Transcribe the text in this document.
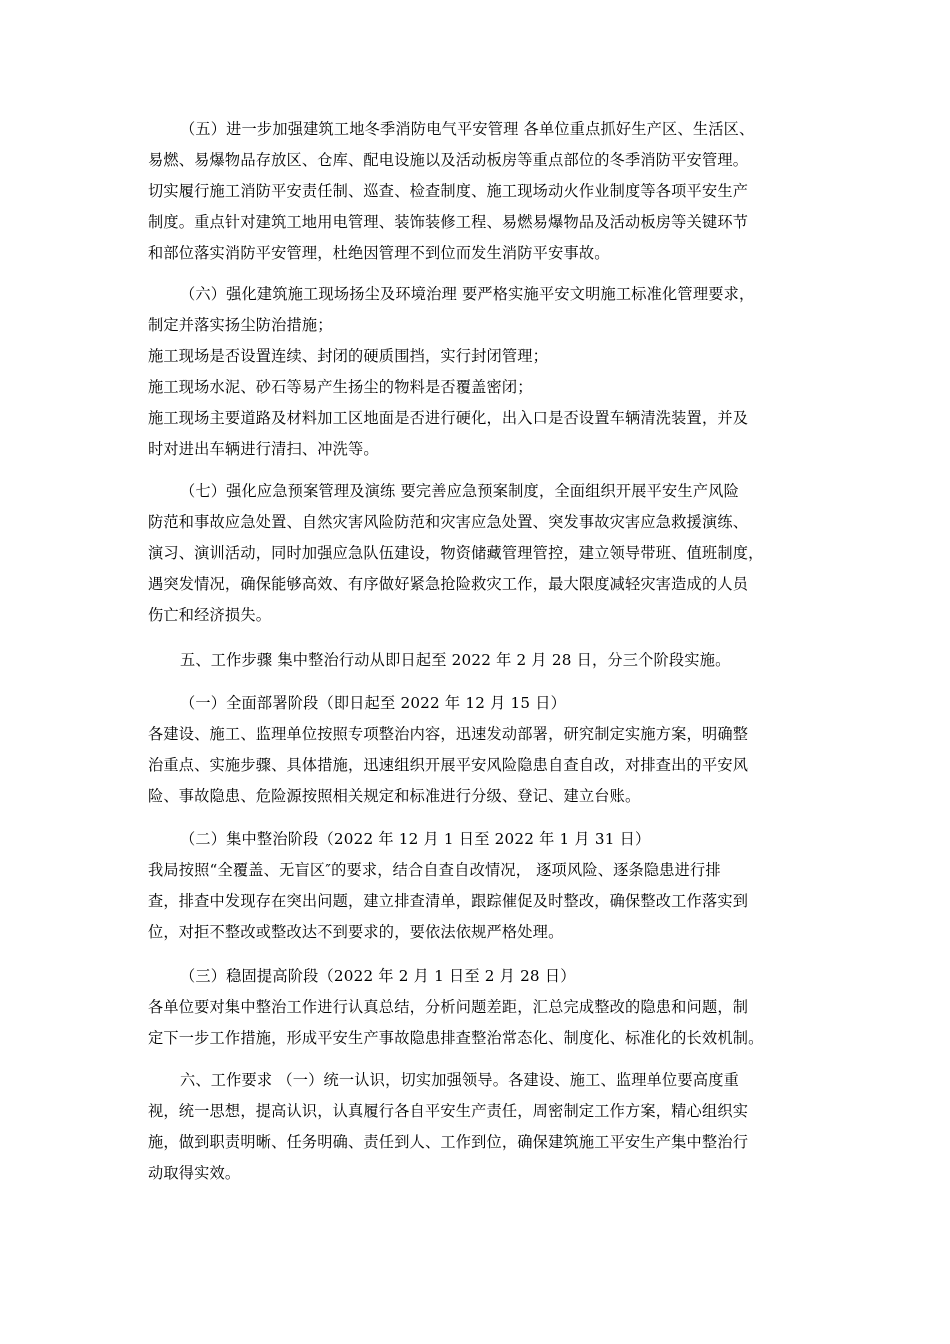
（五）进一步加强建筑工地冬季消防电气平安管理 各单位重点抓好生产区、生活区、
易燃、易爆物品存放区、仓库、配电设施以及活动板房等重点部位的冬季消防平安管理。
切实履行施工消防平安责任制、巡查、检查制度、施工现场动火作业制度等各项平安生产
制度。重点针对建筑工地用电管理、装饰装修工程、易燃易爆物品及活动板房等关键环节
和部位落实消防平安管理，杜绝因管理不到位而发生消防平安事故。
（六）强化建筑施工现场扬尘及环境治理 要严格实施平安文明施工标准化管理要求，
制定并落实扬尘防治措施；
施工现场是否设置连续、封闭的硬质围挡，实行封闭管理；
施工现场水泥、砂石等易产生扬尘的物料是否覆盖密闭；
施工现场主要道路及材料加工区地面是否进行硬化，出入口是否设置车辆清洗装置，并及
时对进出车辆进行清扫、冲洗等。
（七）强化应急预案管理及演练 要完善应急预案制度，全面组织开展平安生产风险
防范和事故应急处置、自然灾害风险防范和灾害应急处置、突发事故灾害应急救援演练、
演习、演训活动，同时加强应急队伍建设，物资储藏管理管控，建立领导带班、值班制度，
遇突发情况，确保能够高效、有序做好紧急抢险救灾工作，最大限度减轻灾害造成的人员
伤亡和经济损失。
五、工作步骤 集中整治行动从即日起至 2022 年 2 月 28 日，分三个阶段实施。
（一）全面部署阶段（即日起至 2022 年 12 月 15 日）
各建设、施工、监理单位按照专项整治内容，迅速发动部署，研究制定实施方案，明确整
治重点、实施步骤、具体措施，迅速组织开展平安风险隐患自查自改，对排查出的平安风
险、事故隐患、危险源按照相关规定和标准进行分级、登记、建立台账。
（二）集中整治阶段（2022 年 12 月 1 日至 2022 年 1 月 31 日）
我局按照“全覆盖、无盲区″的要求，结合自查自改情况， 逐项风险、逐条隐患进行排
查，排查中发现存在突出问题，建立排查清单，跟踪催促及时整改，确保整改工作落实到
位，对拒不整改或整改达不到要求的，要依法依规严格处理。
（三）稳固提高阶段（2022 年 2 月 1 日至 2 月 28 日）
各单位要对集中整治工作进行认真总结，分析问题差距，汇总完成整改的隐患和问题，制
定下一步工作措施，形成平安生产事故隐患排查整治常态化、制度化、标准化的长效机制。
六、工作要求 （一）统一认识，切实加强领导。各建设、施工、监理单位要高度重
视，统一思想，提高认识，认真履行各自平安生产责任，周密制定工作方案，精心组织实
施，做到职责明晰、任务明确、责任到人、工作到位，确保建筑施工平安生产集中整治行
动取得实效。
